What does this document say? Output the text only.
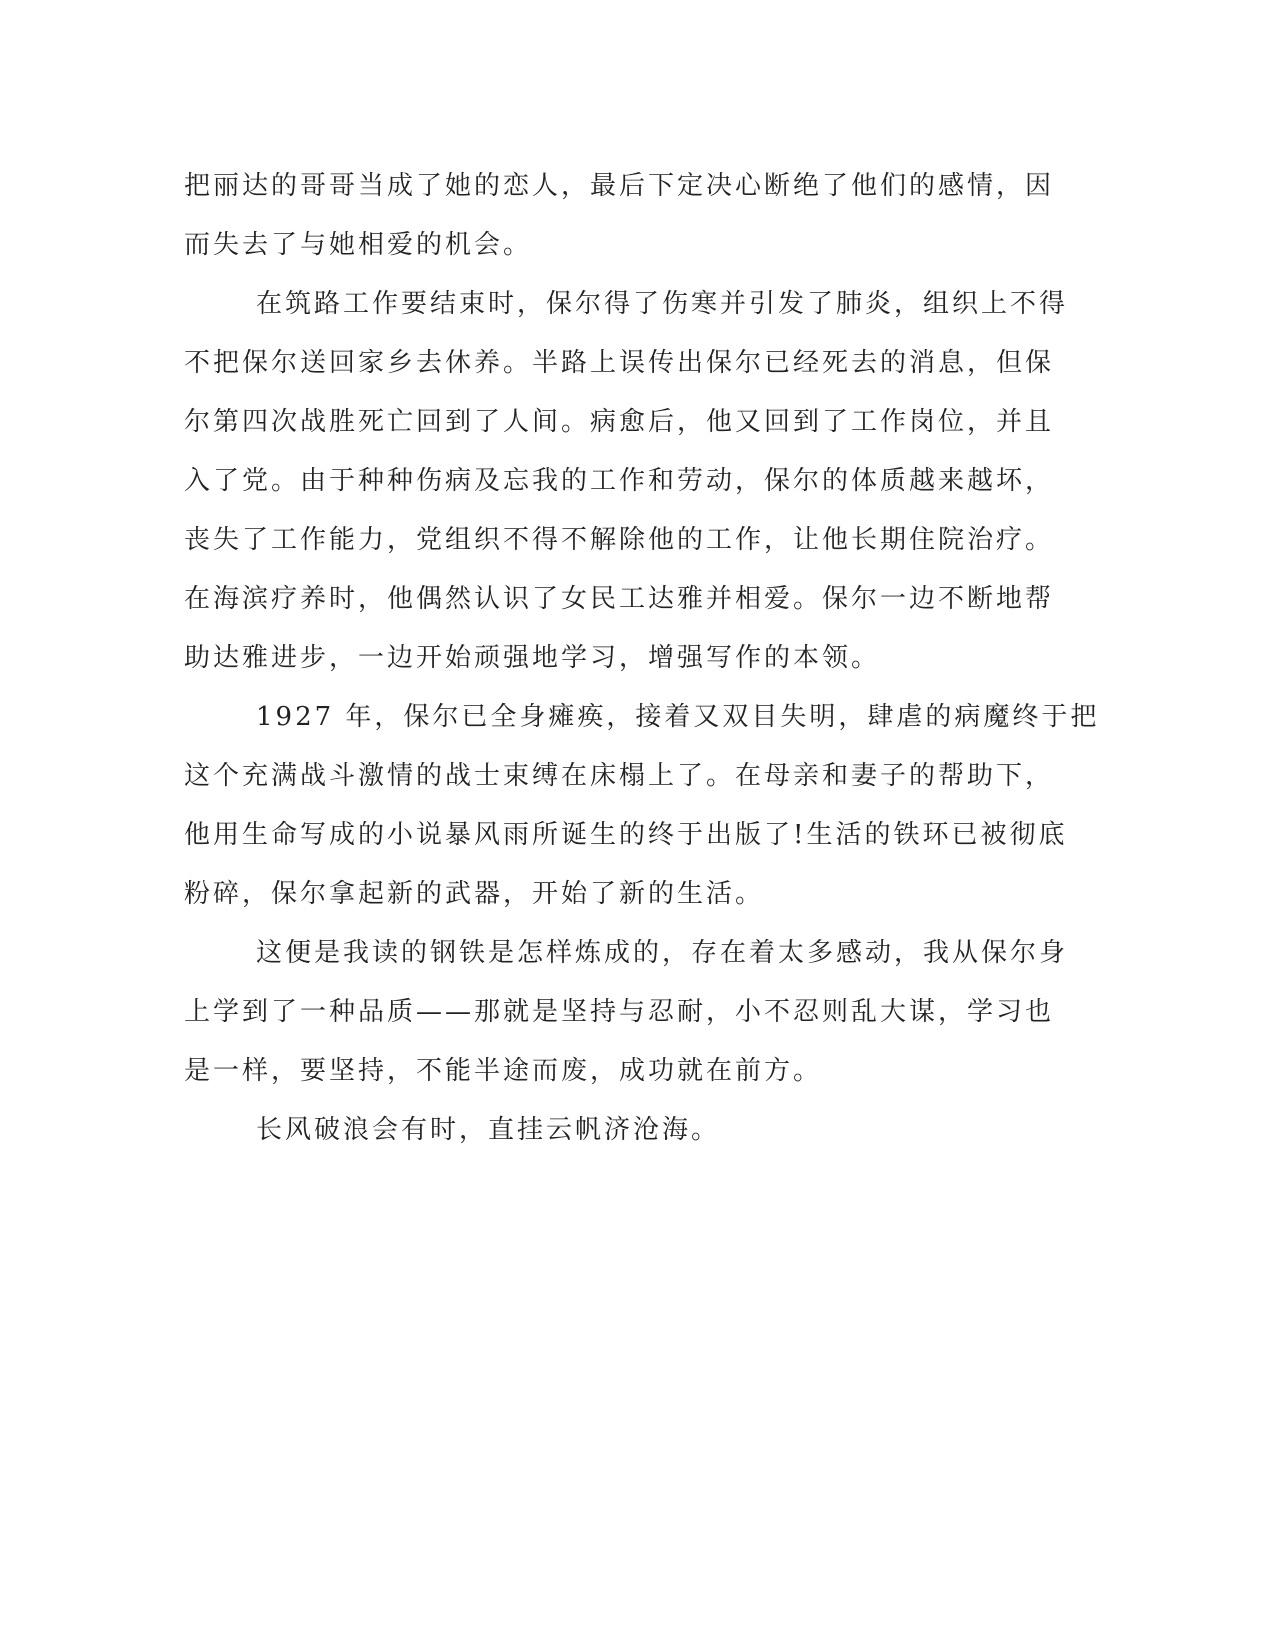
把丽达的哥哥当成了她的恋人，最后下定决心断绝了他们的感情，因
而失去了与她相爱的机会。
在筑路工作要结束时，保尔得了伤寒并引发了肺炎，组织上不得
不把保尔送回家乡去休养。半路上误传出保尔已经死去的消息，但保
尔第四次战胜死亡回到了人间。病愈后，他又回到了工作岗位，并且
入了党。由于种种伤病及忘我的工作和劳动，保尔的体质越来越坏，
丧失了工作能力，党组织不得不解除他的工作，让他长期住院治疗。
在海滨疗养时，他偶然认识了女民工达雅并相爱。保尔一边不断地帮
助达雅进步，一边开始顽强地学习，增强写作的本领。
1927 年，保尔已全身瘫痪，接着又双目失明，肆虐的病魔终于把
这个充满战斗激情的战士束缚在床榻上了。在母亲和妻子的帮助下，
他用生命写成的小说暴风雨所诞生的终于出版了!生活的铁环已被彻底
粉碎，保尔拿起新的武器，开始了新的生活。
这便是我读的钢铁是怎样炼成的，存在着太多感动，我从保尔身
上学到了一种品质——那就是坚持与忍耐，小不忍则乱大谋，学习也
是一样，要坚持，不能半途而废，成功就在前方。
长风破浪会有时，直挂云帆济沧海。
